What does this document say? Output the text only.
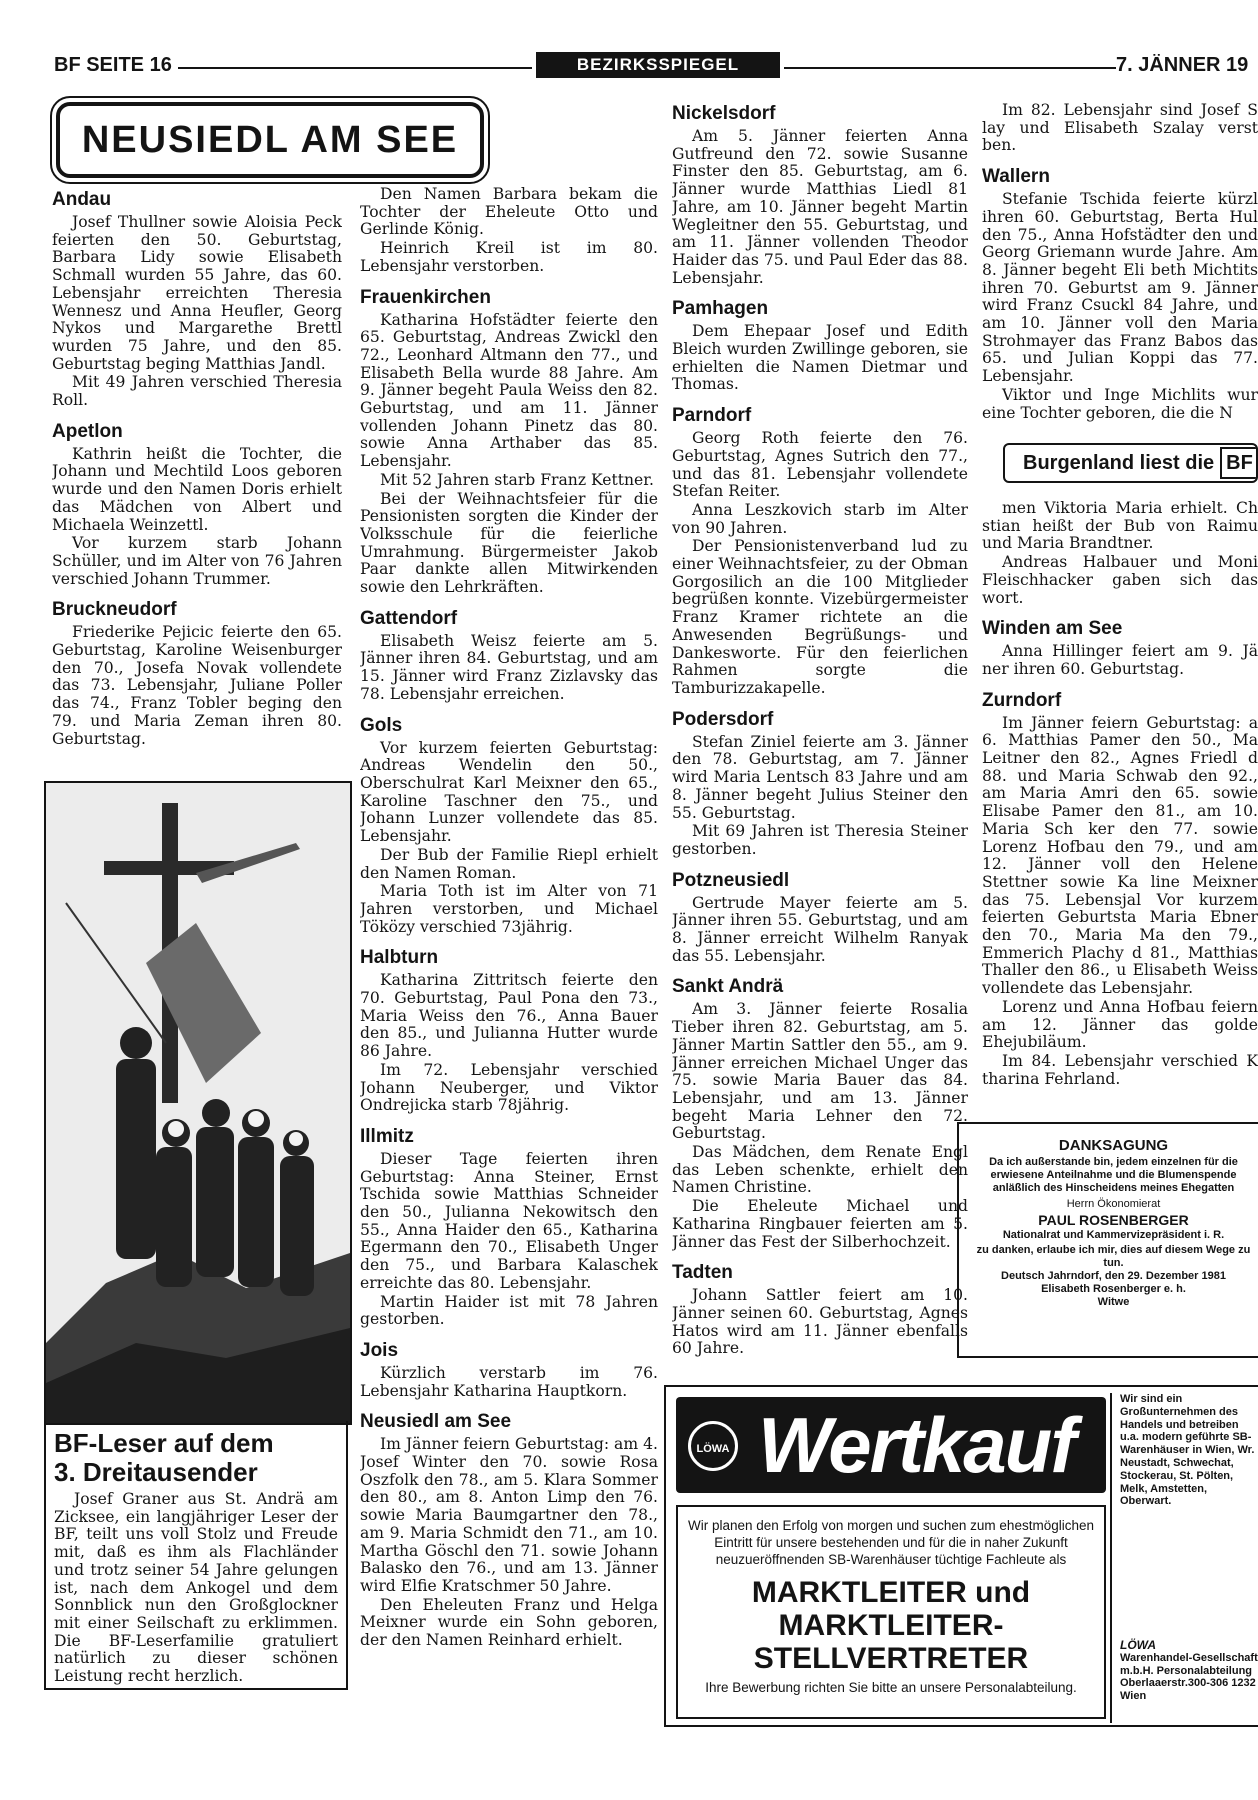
BF SEITE 16	BEZIRKSSPIEGEL	7. JÄNNER 19
NEUSIEDL AM SEE
Andau

Josef Thullner sowie Aloisia Peck feierten den 50. Geburtstag, Barbara Lidy sowie Elisabeth Schmall wurden 55 Jahre, das 60. Lebensjahr erreichten Theresia Wennesz und Anna Heufler, Georg Nykos und Margarethe Brettl wurden 75 Jahre, und den 85. Geburtstag beging Matthias Jandl.

Mit 49 Jahren verschied Theresia Roll.

Apetlon

Kathrin heißt die Tochter, die Johann und Mechtild Loos geboren wurde und den Namen Doris erhielt das Mädchen von Albert und Michaela Weinzettl.

Vor kurzem starb Johann Schüller, und im Alter von 76 Jahren verschied Johann Trummer.

Bruckneudorf

Friederike Pejicic feierte den 65. Geburtstag, Karoline Weisenburger den 70., Josefa Novak vollendete das 73. Lebensjahr, Juliane Poller das 74., Franz Tobler beging den 79. und Maria Zeman ihren 80. Geburtstag.

Den Namen Barbara bekam die Tochter der Eheleute Otto und Gerlinde König.

Heinrich Kreil ist im 80. Lebensjahr verstorben.

Frauenkirchen

Katharina Hofstädter feierte den 65. Geburtstag, Andreas Zwickl den 72., Leonhard Altmann den 77., und Elisabeth Bella wurde 88 Jahre. Am 9. Jänner begeht Paula Weiss den 82. Geburtstag, und am 11. Jänner vollenden Johann Pinetz das 80. sowie Anna Arthaber das 85. Lebensjahr.

Mit 52 Jahren starb Franz Kettner.

Bei der Weihnachtsfeier für die Pensionisten sorgten die Kinder der Volksschule für die feierliche Umrahmung. Bürgermeister Jakob Paar dankte allen Mitwirkenden sowie den Lehrkräften.

Gattendorf

Elisabeth Weisz feierte am 5. Jänner ihren 84. Geburtstag, und am 15. Jänner wird Franz Zizlavsky das 78. Lebensjahr erreichen.

Gols

Vor kurzem feierten Geburtstag: Andreas Wendelin den 50., Oberschulrat Karl Meixner den 65., Karoline Taschner den 75., und Johann Lunzer vollendete das 85. Lebensjahr.

Der Bub der Familie Riepl erhielt den Namen Roman.

Maria Toth ist im Alter von 71 Jahren verstorben, und Michael Töközy verschied 73jährig.

Halbturn

Katharina Zittritsch feierte den 70. Geburtstag, Paul Pona den 73., Maria Weiss den 76., Anna Bauer den 85., und Julianna Hutter wurde 86 Jahre.

Im 72. Lebensjahr verschied Johann Neuberger, und Viktor Ondrejicka starb 78jährig.

Illmitz

Dieser Tage feierten ihren Geburtstag: Anna Steiner, Ernst Tschida sowie Matthias Schneider den 50., Julianna Nekowitsch den 55., Anna Haider den 65., Katharina Egermann den 70., Elisabeth Unger den 75., und Barbara Kalaschek erreichte das 80. Lebensjahr.

Martin Haider ist mit 78 Jahren gestorben.

Jois

Kürzlich verstarb im 76. Lebensjahr Katharina Hauptkorn.

Neusiedl am See

Im Jänner feiern Geburtstag: am 4. Josef Winter den 70. sowie Rosa Oszfolk den 78., am 5. Klara Sommer den 80., am 8. Anton Limp den 76. sowie Maria Baumgartner den 78., am 9. Maria Schmidt den 71., am 10. Martha Göschl den 71. sowie Johann Balasko den 76., und am 13. Jänner wird Elfie Kratschmer 50 Jahre.

Den Eheleuten Franz und Helga Meixner wurde ein Sohn geboren, der den Namen Reinhard erhielt.

Nickelsdorf

Am 5. Jänner feierten Anna Gutfreund den 72. sowie Susanne Finster den 85. Geburtstag, am 6. Jänner wurde Matthias Liedl 81 Jahre, am 10. Jänner begeht Martin Wegleitner den 55. Geburtstag, und am 11. Jänner vollenden Theodor Haider das 75. und Paul Eder das 88. Lebensjahr.

Pamhagen

Dem Ehepaar Josef und Edith Bleich wurden Zwillinge geboren, sie erhielten die Namen Dietmar und Thomas.

Parndorf

Georg Roth feierte den 76. Geburtstag, Agnes Sutrich den 77., und das 81. Lebensjahr vollendete Stefan Reiter.

Anna Leszkovich starb im Alter von 90 Jahren.

Der Pensionistenverband lud zu einer Weihnachtsfeier, zu der Obman Gorgosilich an die 100 Mitglieder begrüßen konnte. Vizebürgermeister Franz Kramer richtete an die Anwesenden Begrüßungs- und Dankesworte. Für den feierlichen Rahmen sorgte die Tamburizzakapelle.

Podersdorf

Stefan Ziniel feierte am 3. Jänner den 78. Geburtstag, am 7. Jänner wird Maria Lentsch 83 Jahre und am 8. Jänner begeht Julius Steiner den 55. Geburtstag.

Mit 69 Jahren ist Theresia Steiner gestorben.

Potzneusiedl

Gertrude Mayer feierte am 5. Jänner ihren 55. Geburtstag, und am 8. Jänner erreicht Wilhelm Ranyak das 55. Lebensjahr.

Sankt Andrä

Am 3. Jänner feierte Rosalia Tieber ihren 82. Geburtstag, am 5. Jänner Martin Sattler den 55., am 9. Jänner erreichen Michael Unger das 75. sowie Maria Bauer das 84. Lebensjahr, und am 13. Jänner begeht Maria Lehner den 72. Geburtstag.

Das Mädchen, dem Renate Engl das Leben schenkte, erhielt den Namen Christine.

Die Eheleute Michael und Katharina Ringbauer feierten am 5. Jänner das Fest der Silberhochzeit.

Tadten

Johann Sattler feiert am 10. Jänner seinen 60. Geburtstag, Agnes Hatos wird am 11. Jänner ebenfalls 60 Jahre.

Im 82. Lebensjahr sind Josef S lay und Elisabeth Szalay verst ben.

Wallern

Stefanie Tschida feierte kürzl ihren 60. Geburtstag, Berta Hul den 75., Anna Hofstädter den und Georg Griemann wurde Jahre. Am 8. Jänner begeht Eli beth Michtits ihren 70. Geburtst am 9. Jänner wird Franz Csuckl 84 Jahre, und am 10. Jänner voll den Maria Strohmayer das Franz Babos das 65. und Julian Koppi das 77. Lebensjahr.

Viktor und Inge Michlits wur eine Tochter geboren, die die N

Burgenland liest die BF

men Viktoria Maria erhielt. Ch stian heißt der Bub von Raimu und Maria Brandtner.

Andreas Halbauer und Moni Fleischhacker gaben sich das wort.

Winden am See

Anna Hillinger feiert am 9. Jä ner ihren 60. Geburtstag.

Zurndorf

Im Jänner feiern Geburtstag: a 6. Matthias Pamer den 50., Ma Leitner den 82., Agnes Friedl d 88. und Maria Schwab den 92., am Maria Amri den 65. sowie Elisabe Pamer den 81., am 10. Maria Sch ker den 77. sowie Lorenz Hofbau den 79., und am 12. Jänner voll den Helene Stettner sowie Ka line Meixner das 75. Lebensjal Vor kurzem feierten Geburtsta Maria Ebner den 70., Maria Ma den 79., Emmerich Plachy d 81., Matthias Thaller den 86., u Elisabeth Weiss vollendete das Lebensjahr.

Lorenz und Anna Hofbau feiern am 12. Jänner das golde Ehejubiläum.

Im 84. Lebensjahr verschied K tharina Fehrland.

BF-Leser auf dem
3. Dreitausender

Josef Graner aus St. Andrä am Zicksee, ein langjähriger Leser der BF, teilt uns voll Stolz und Freude mit, daß es ihm als Flachländer und trotz seiner 54 Jahre gelungen ist, nach dem Ankogel und dem Sonnblick nun den Großglockner mit einer Seilschaft zu erklimmen. Die BF-Leserfamilie gratuliert natürlich zu dieser schönen Leistung recht herzlich.

DANKSAGUNG
Da ich außerstande bin, jedem einzelnen für die erwiesene Anteilnahme und die Blumenspende anläßlich des Hinscheidens meines Ehegatten
Herrn Ökonomierat
PAUL ROSENBERGER
Nationalrat und Kammervizepräsident i. R.
zu danken, erlaube ich mir, dies auf diesem Wege zu tun.
Deutsch Jahrndorf, den 29. Dezember 1981
Elisabeth Rosenberger e. h.
Witwe
LÖWA Wertkauf
Wir planen den Erfolg von morgen und suchen zum ehestmöglichen Eintritt für unsere bestehenden und für die in naher Zukunft neuzueröffnenden SB-Warenhäuser tüchtige Fachleute als
MARKTLEITER und
MARKTLEITER-
STELLVERTRETER
Ihre Bewerbung richten Sie bitte an unsere Personalabteilung.
Wir sind ein Großunternehmen des Handels und betreiben u.a. modern geführte SB-Warenhäuser in Wien, Wr. Neustadt, Schwechat, Stockerau, St. Pölten, Melk, Amstetten, Oberwart.
LÖWA
Warenhandel-Gesellschaft m.b.H. Personalabteilung Oberlaaerstr.300-306 1232 Wien
